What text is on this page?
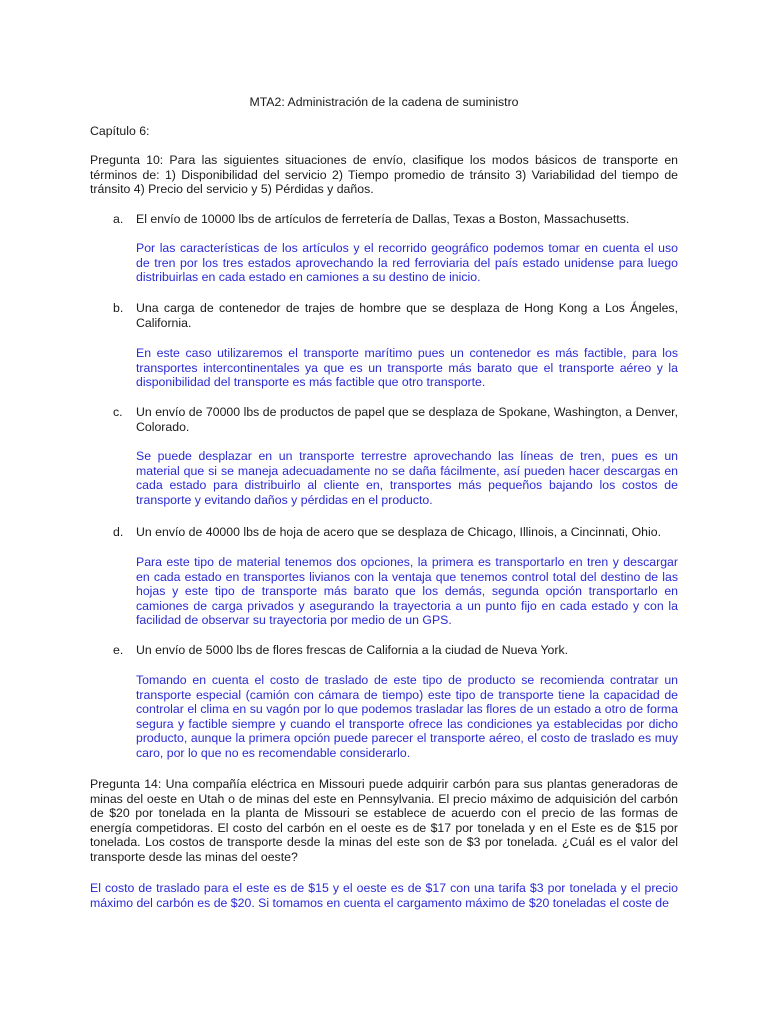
MTA2: Administración de la cadena de suministro
Capítulo 6:
Pregunta 10: Para las siguientes situaciones de envío, clasifique los modos básicos de transporte en términos de: 1) Disponibilidad del servicio 2) Tiempo promedio de tránsito 3) Variabilidad del tiempo de tránsito 4) Precio del servicio y 5) Pérdidas y daños.
a. El envío de 10000 lbs de artículos de ferretería de Dallas, Texas a Boston, Massachusetts.
Por las características de los artículos y el recorrido geográfico podemos tomar en cuenta el uso de tren por los tres estados aprovechando la red ferroviaria del país estado unidense para luego distribuirlas en cada estado en camiones a su destino de inicio.
b. Una carga de contenedor de trajes de hombre que se desplaza de Hong Kong a Los Ángeles, California.
En este caso utilizaremos el transporte marítimo pues un contenedor es más factible, para los transportes intercontinentales ya que es un transporte más barato que el transporte aéreo y la disponibilidad del transporte es más factible que otro transporte.
c. Un envío de 70000 lbs de productos de papel que se desplaza de Spokane, Washington, a Denver, Colorado.
Se puede desplazar en un transporte terrestre aprovechando las líneas de tren, pues es un material que si se maneja adecuadamente no se daña fácilmente, así pueden hacer descargas en cada estado para distribuirlo al cliente en, transportes más pequeños bajando los costos de transporte y evitando daños y pérdidas en el producto.
d. Un envío de 40000 lbs de hoja de acero que se desplaza de Chicago, Illinois, a Cincinnati, Ohio.
Para este tipo de material tenemos dos opciones, la primera es transportarlo en tren y descargar en cada estado en transportes livianos con la ventaja que tenemos control total del destino de las hojas y este tipo de transporte más barato que los demás, segunda opción transportarlo en camiones de carga privados y asegurando la trayectoria a un punto fijo en cada estado y con la facilidad de observar su trayectoria por medio de un GPS.
e. Un envío de 5000 lbs de flores frescas de California a la ciudad de Nueva York.
Tomando en cuenta el costo de traslado de este tipo de producto se recomienda contratar un transporte especial (camión con cámara de tiempo) este tipo de transporte tiene la capacidad de controlar el clima en su vagón por lo que podemos trasladar las flores de un estado a otro de forma segura y factible siempre y cuando el transporte ofrece las condiciones ya establecidas por dicho producto, aunque la primera opción puede parecer el transporte aéreo, el costo de traslado es muy caro, por lo que no es recomendable considerarlo.
Pregunta 14: Una compañía eléctrica en Missouri puede adquirir carbón para sus plantas generadoras de minas del oeste en Utah o de minas del este en Pennsylvania. El precio máximo de adquisición del carbón de $20 por tonelada en la planta de Missouri se establece de acuerdo con el precio de las formas de energía competidoras. El costo del carbón en el oeste es de $17 por tonelada y en el Este es de $15 por tonelada. Los costos de transporte desde la minas del este son de $3 por tonelada. ¿Cuál es el valor del transporte desde las minas del oeste?
El costo de traslado para el este es de $15 y el oeste es de $17 con una tarifa $3 por tonelada y el precio máximo del carbón es de $20. Si tomamos en cuenta el cargamento máximo de $20 toneladas el coste de
